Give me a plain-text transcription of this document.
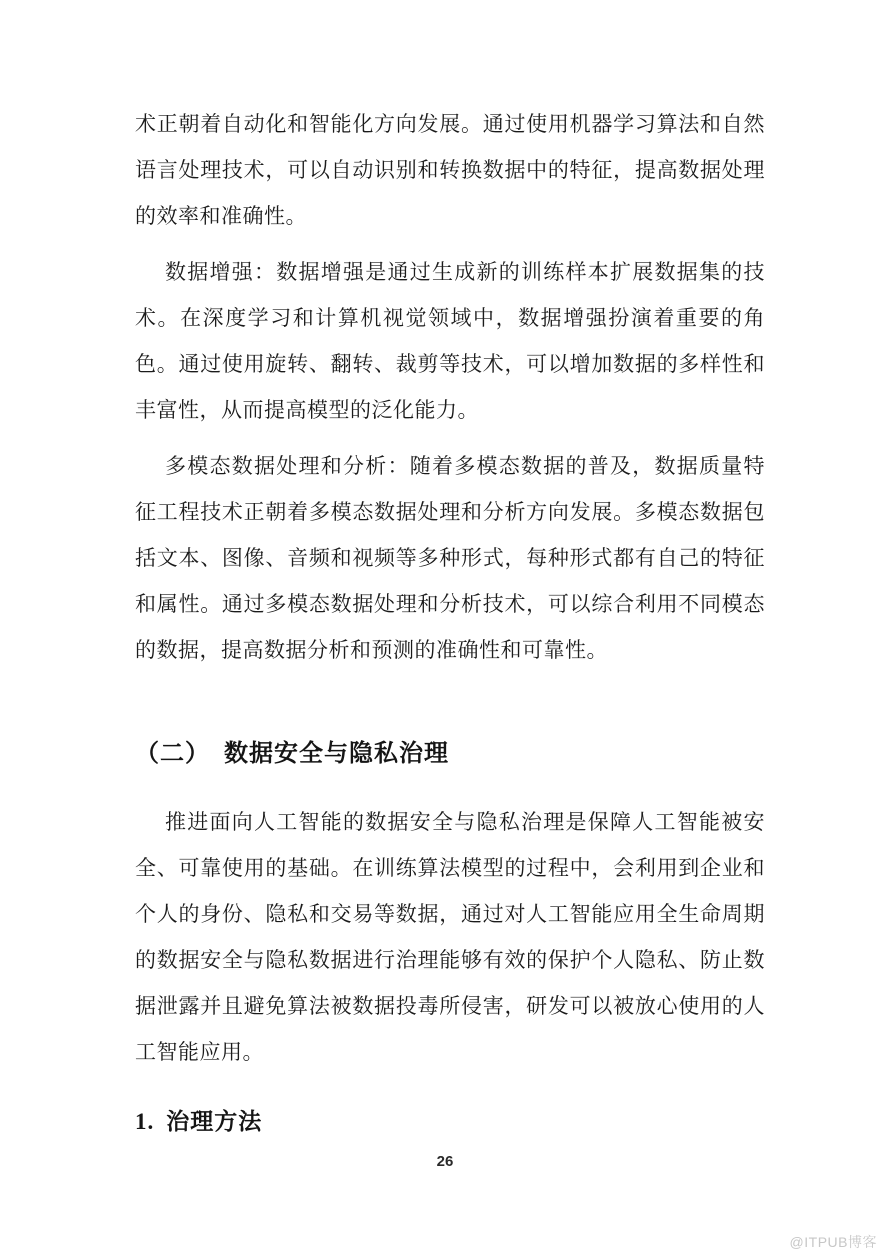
术正朝着自动化和智能化方向发展。通过使用机器学习算法和自然语言处理技术，可以自动识别和转换数据中的特征，提高数据处理的效率和准确性。

数据增强：数据增强是通过生成新的训练样本扩展数据集的技术。在深度学习和计算机视觉领域中，数据增强扮演着重要的角色。通过使用旋转、翻转、裁剪等技术，可以增加数据的多样性和丰富性，从而提高模型的泛化能力。

多模态数据处理和分析：随着多模态数据的普及，数据质量特征工程技术正朝着多模态数据处理和分析方向发展。多模态数据包括文本、图像、音频和视频等多种形式，每种形式都有自己的特征和属性。通过多模态数据处理和分析技术，可以综合利用不同模态的数据，提高数据分析和预测的准确性和可靠性。

（二） 数据安全与隐私治理

推进面向人工智能的数据安全与隐私治理是保障人工智能被安全、可靠使用的基础。在训练算法模型的过程中，会利用到企业和个人的身份、隐私和交易等数据，通过对人工智能应用全生命周期的数据安全与隐私数据进行治理能够有效的保护个人隐私、防止数据泄露并且避免算法被数据投毒所侵害，研发可以被放心使用的人工智能应用。

1. 治理方法
26
@ITPUB博客
